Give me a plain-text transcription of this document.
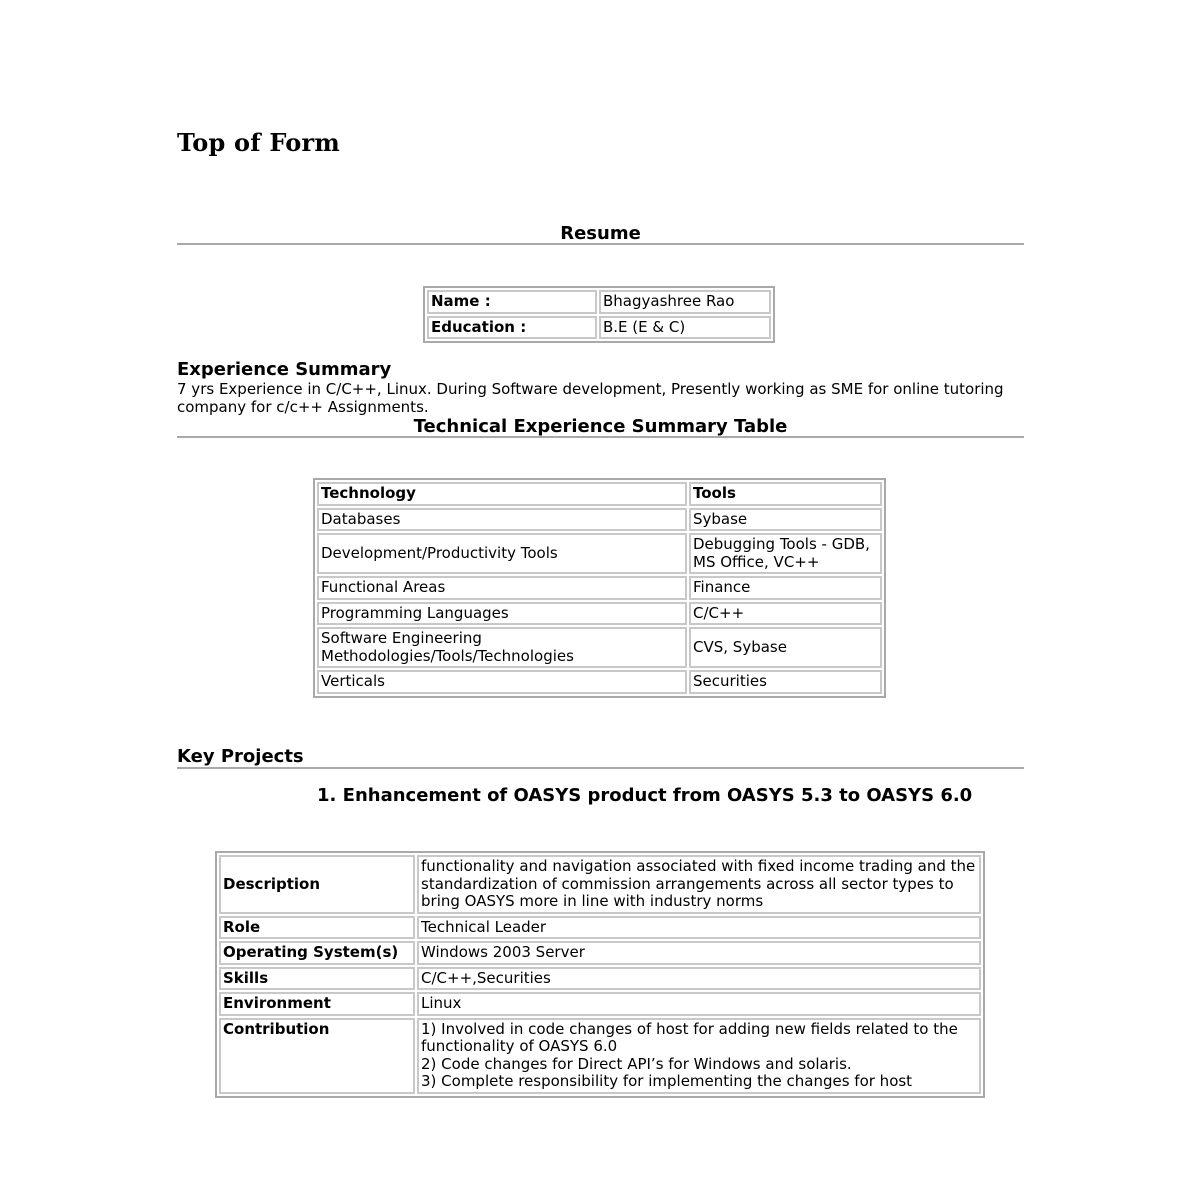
Top of Form
Resume
Name :	Bhagyashree Rao
Education :	B.E (E & C)
Experience Summary

7 yrs Experience in C/C++, Linux. During Software development, Presently working as SME for online tutoring company for c/c++ Assignments.

Technical Experience Summary Table
Technology	Tools
Databases	Sybase
Development/Productivity Tools	Debugging Tools - GDB, MS Office, VC++
Functional Areas	Finance
Programming Languages	C/C++
Software Engineering Methodologies/Tools/Technologies	CVS, Sybase
Verticals	Securities
Key Projects
1. Enhancement of OASYS product from OASYS 5.3 to OASYS 6.0
Description	functionality and navigation associated with fixed income trading and the standardization of commission arrangements across all sector types to bring OASYS more in line with industry norms
Role	Technical Leader
Operating System(s)	Windows 2003 Server
Skills	C/C++,Securities
Environment	Linux
Contribution	1) Involved in code changes of host for adding new fields related to the functionality of OASYS 6.0
2) Code changes for Direct API’s for Windows and solaris.
3) Complete responsibility for implementing the changes for host
